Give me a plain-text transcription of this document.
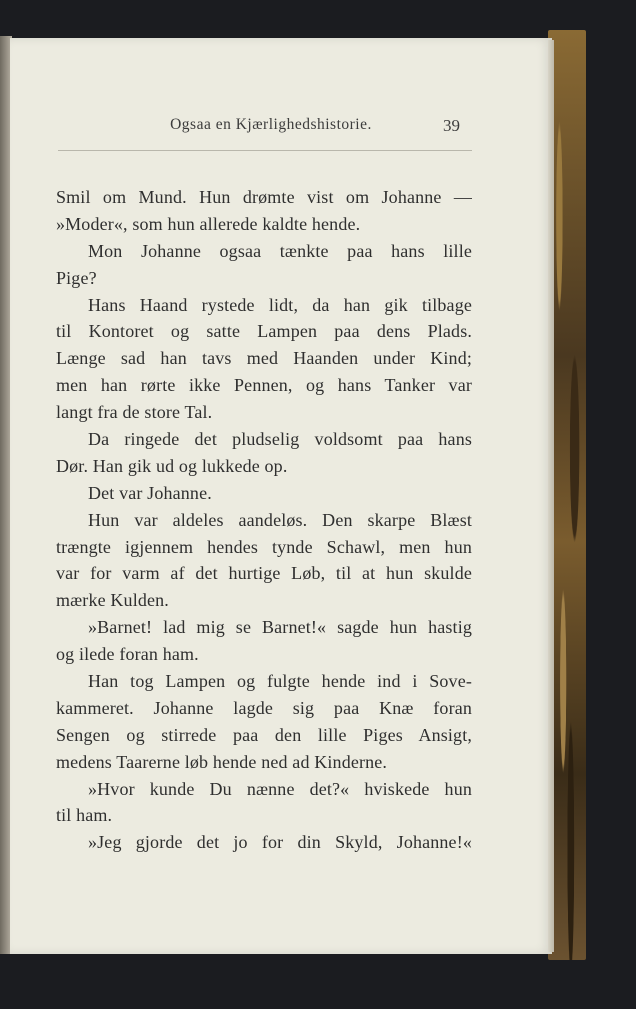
Ogsaa en Kjærlighedshistorie.	39
Smil om Mund. Hun drømte vist om Johanne —
»Moder«, som hun allerede kaldte hende.
Mon Johanne ogsaa tænkte paa hans lille
Pige?
Hans Haand rystede lidt, da han gik tilbage
til Kontoret og satte Lampen paa dens Plads.
Længe sad han tavs med Haanden under Kind;
men han rørte ikke Pennen, og hans Tanker var
langt fra de store Tal.
Da ringede det pludselig voldsomt paa hans
Dør. Han gik ud og lukkede op.
Det var Johanne.
Hun var aldeles aandeløs. Den skarpe Blæst
trængte igjennem hendes tynde Schawl, men hun
var for varm af det hurtige Løb, til at hun skulde
mærke Kulden.
»Barnet! lad mig se Barnet!« sagde hun hastig
og ilede foran ham.
Han tog Lampen og fulgte hende ind i Sove-
kammeret. Johanne lagde sig paa Knæ foran
Sengen og stirrede paa den lille Piges Ansigt,
medens Taarerne løb hende ned ad Kinderne.
»Hvor kunde Du nænne det?« hviskede hun
til ham.
»Jeg gjorde det jo for din Skyld, Johanne!«
